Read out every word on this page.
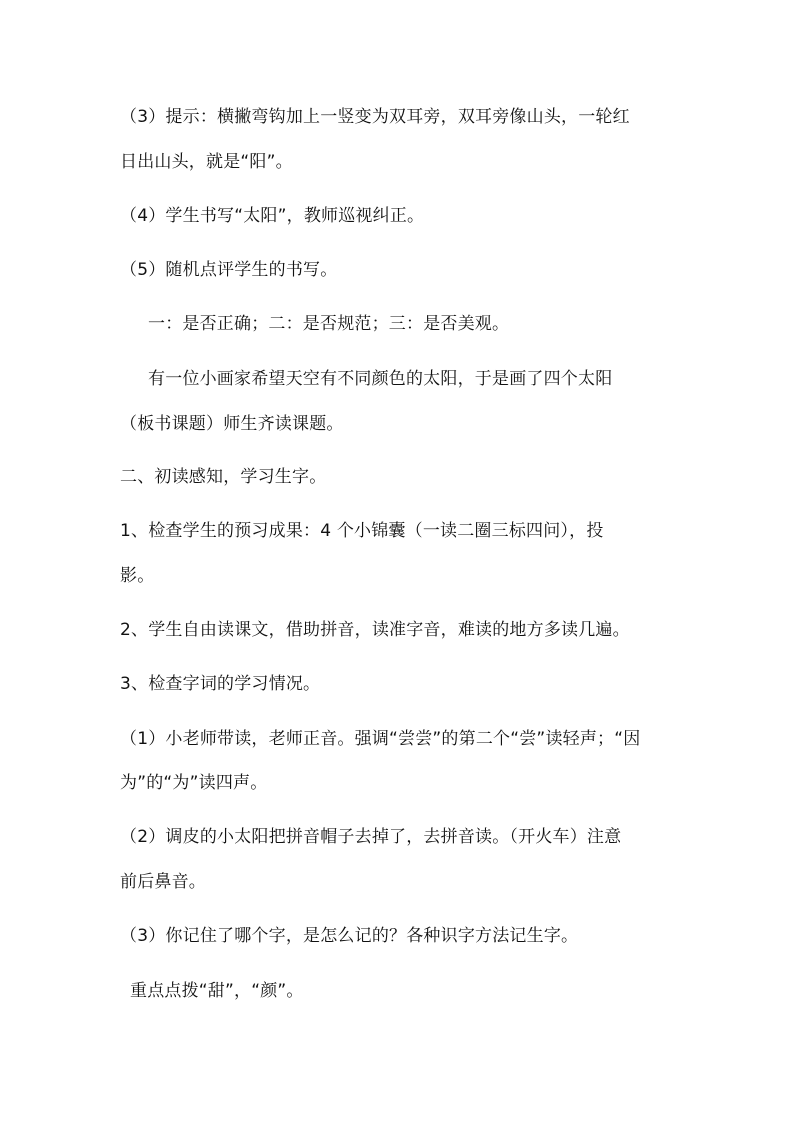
（3）提示：横撇弯钩加上一竖变为双耳旁，双耳旁像山头，一轮红
日出山头，就是“阳”。
（4）学生书写“太阳”，教师巡视纠正。
（5）随机点评学生的书写。
一：是否正确；二：是否规范；三：是否美观。
有一位小画家希望天空有不同颜色的太阳，于是画了四个太阳
（板书课题）师生齐读课题。
二、初读感知，学习生字。
1、检查学生的预习成果：4 个小锦囊（一读二圈三标四问），投
影。
2、学生自由读课文，借助拼音，读准字音，难读的地方多读几遍。
3、检查字词的学习情况。
（1）小老师带读，老师正音。强调“尝尝”的第二个“尝”读轻声；“因
为”的“为”读四声。
（2）调皮的小太阳把拼音帽子去掉了，去拼音读。（开火车）注意
前后鼻音。
（3）你记住了哪个字，是怎么记的？各种识字方法记生字。
重点点拨“甜”，“颜”。
